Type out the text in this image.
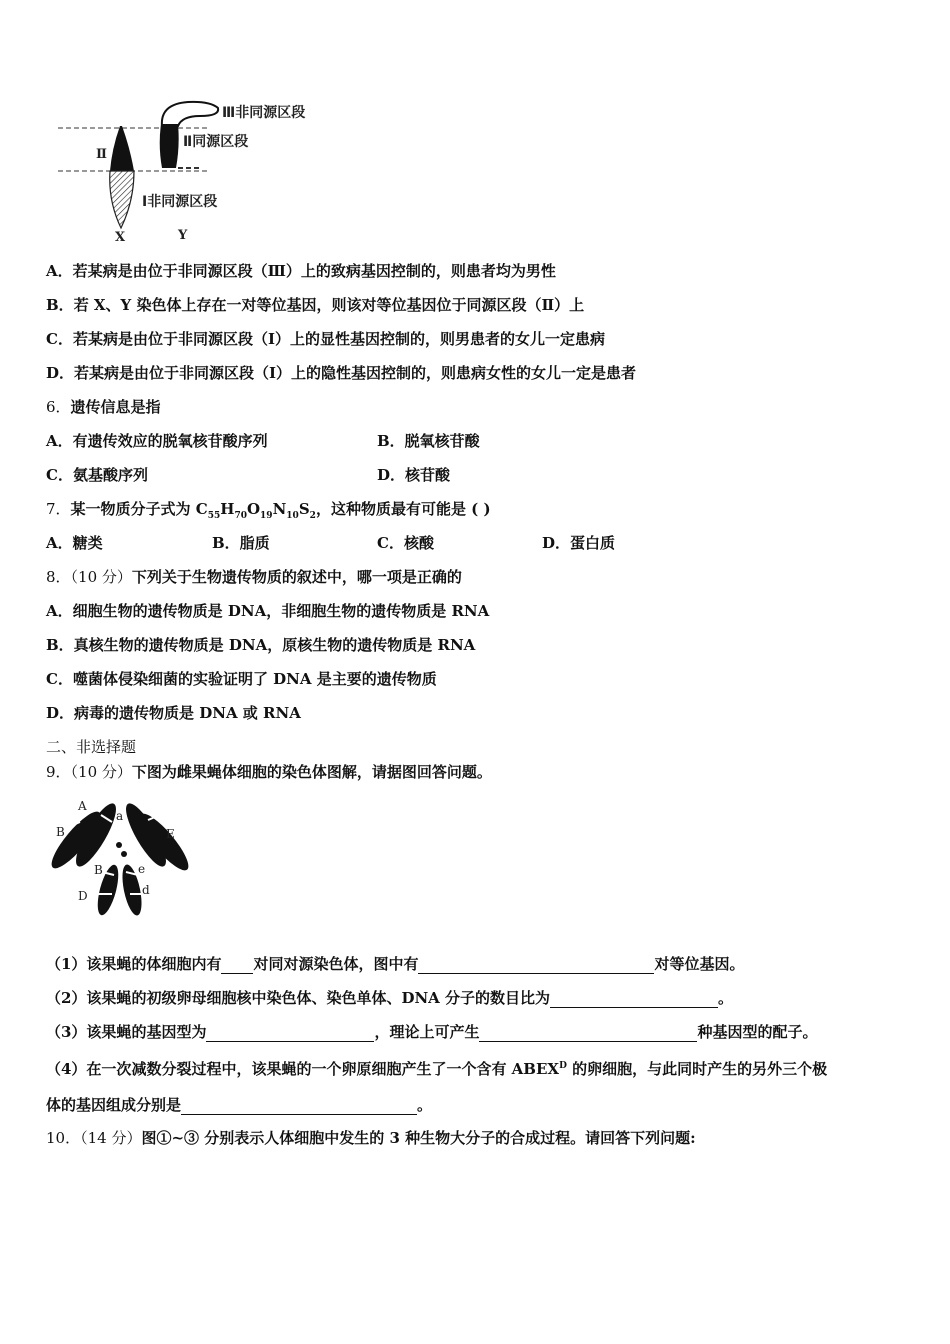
Ⅲ非同源区段
Ⅱ同源区段
Ⅰ非同源区段
Ⅱ
X	Y
A．若某病是由位于非同源区段（Ⅲ）上的致病基因控制的，则患者均为男性
B．若 X、Y 染色体上存在一对等位基因，则该对等位基因位于同源区段（Ⅱ）上
C．若某病是由位于非同源区段（I）上的显性基因控制的，则男患者的女儿一定患病
D．若某病是由位于非同源区段（I）上的隐性基因控制的，则患病女性的女儿一定是患者
6．遗传信息是指
A．有遗传效应的脱氧核苷酸序列	B．脱氧核苷酸
C．氨基酸序列	D．核苷酸
7．某一物质分子式为 $C_{55}H_{70}O_{19}N_{10}S_2$，这种物质最有可能是 ( )
A．糖类	B．脂质	C．核酸	D．蛋白质
8．（10 分）下列关于生物遗传物质的叙述中，哪一项是正确的
A．细胞生物的遗传物质是 DNA，非细胞生物的遗传物质是 RNA
B．真核生物的遗传物质是 DNA，原核生物的遗传物质是 RNA
C．噬菌体侵染细菌的实验证明了 DNA 是主要的遗传物质
D．病毒的遗传物质是 DNA 或 RNA
二、非选择题
9．（10 分）下图为雌果蝇体细胞的染色体图解，请据图回答问题。
A
a
B	E
B	e
D	d
（1）该果蝇的体细胞内有 对同对源染色体，图中有	对等位基因。
（2）该果蝇的初级卵母细胞核中染色体、染色单体、DNA 分子的数目比为	。
（3）该果蝇的基因型为	，理论上可产生	种基因型的配子。
（4）在一次减数分裂过程中，该果蝇的一个卵原细胞产生了一个含有 $ABEX^D$ 的卵细胞，与此同时产生的另外三个极
体的基因组成分别是	。
10．（14 分）图①~③ 分别表示人体细胞中发生的 3 种生物大分子的合成过程。请回答下列问题:
